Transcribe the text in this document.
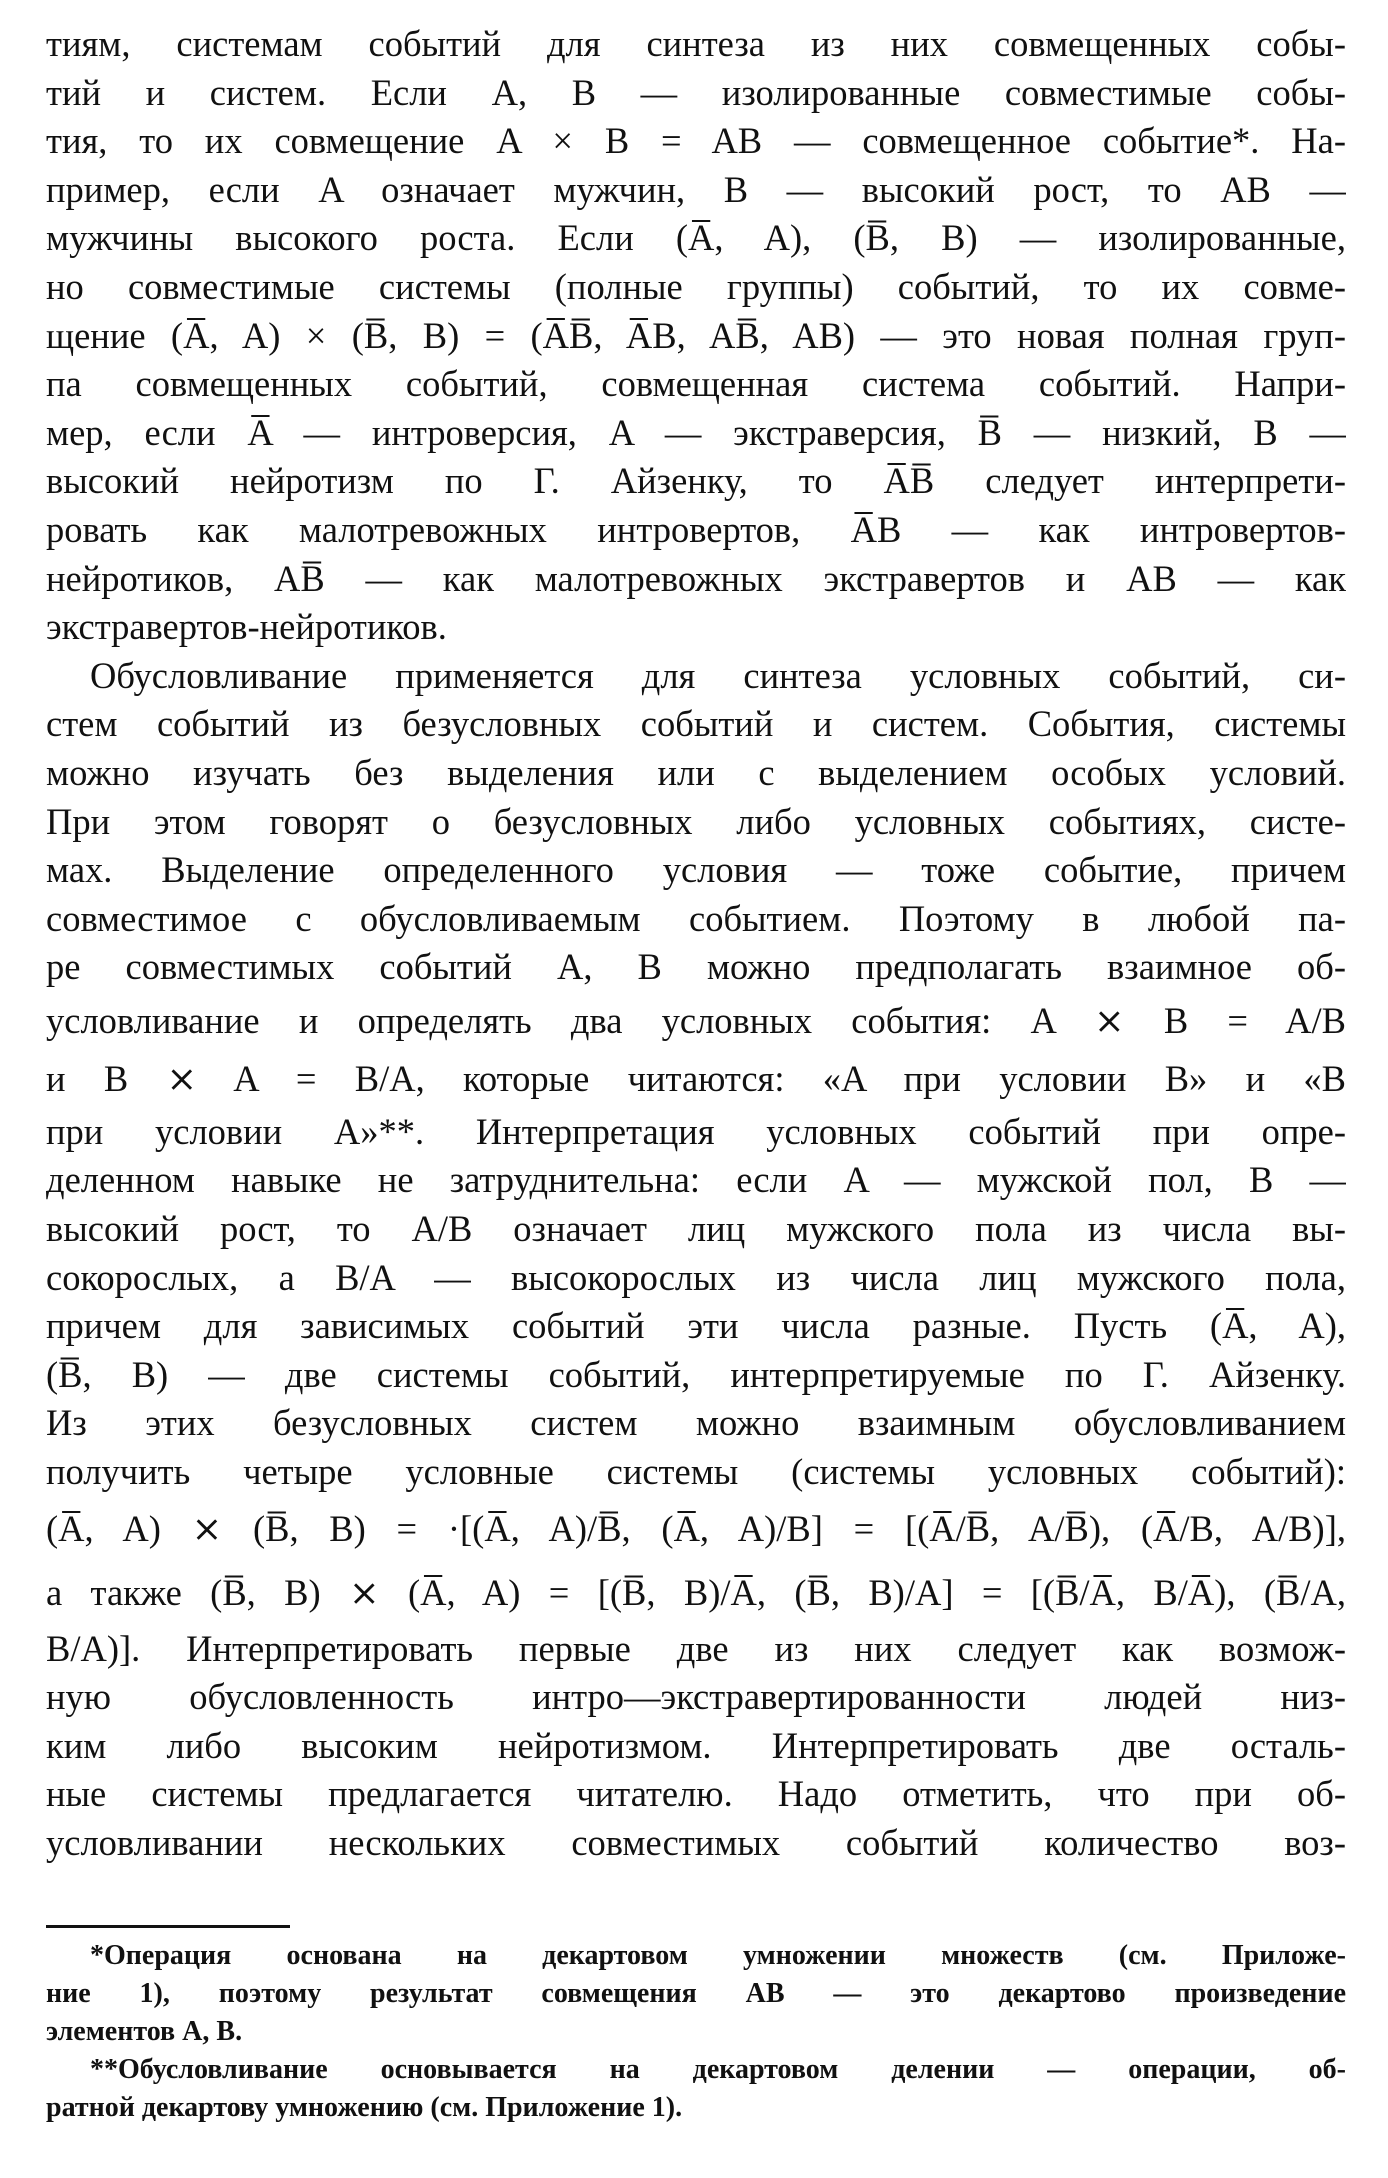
тиям, системам событий для синтеза из них совмещенных собы-
тий и систем. Если A, B — изолированные совместимые собы-
тия, то их совмещение A × B = AB — совмещенное событие*. На-
пример, если A означает мужчин, B — высокий рост, то AB —
мужчины высокого роста. Если (A̅, A), (B̅, B) — изолированные,
но совместимые системы (полные группы) событий, то их совме-
щение (A̅, A) × (B̅, B) = (A̅B̅, A̅B, AB̅, AB) — это новая полная груп-
па совмещенных событий, совмещенная система событий. Напри-
мер, если A̅ — интроверсия, A — экстраверсия, B̅ — низкий, B —
высокий нейротизм по Г. Айзенку, то A̅B̅ следует интерпрети-
ровать как малотревожных интровертов, A̅B — как интровертов-
нейротиков, AB̅ — как малотревожных экстравертов и AB — как
экстравертов-нейротиков.
Обусловливание применяется для синтеза условных событий, си-
стем событий из безусловных событий и систем. События, системы
можно изучать без выделения или с выделением особых условий.
При этом говорят о безусловных либо условных событиях, систе-
мах. Выделение определенного условия — тоже событие, причем
совместимое с обусловливаемым событием. Поэтому в любой па-
ре совместимых событий A, B можно предполагать взаимное об-
условливание и определять два условных события: A ⨯ B = A/B
и B ⨯ A = B/A, которые читаются: «A при условии B» и «B
при условии A»**. Интерпретация условных событий при опре-
деленном навыке не затруднительна: если A — мужской пол, B —
высокий рост, то A/B означает лиц мужского пола из числа вы-
сокорослых, а B/A — высокорослых из числа лиц мужского пола,
причем для зависимых событий эти числа разные. Пусть (A̅, A),
(B̅, B) — две системы событий, интерпретируемые по Г. Айзенку.
Из этих безусловных систем можно взаимным обусловливанием
получить четыре условные системы (системы условных событий):
(A̅, A) ⨯ (B̅, B) = ·[(A̅, A)/B̅, (A̅, A)/B] = [(A̅/B̅, A/B̅), (A̅/B, A/B)],
а также (B̅, B) ⨯ (A̅, A) = [(B̅, B)/A̅, (B̅, B)/A] = [(B̅/A̅, B/A̅), (B̅/A,
B/A)]. Интерпретировать первые две из них следует как возмож-
ную обусловленность интро—экстравертированности людей низ-
ким либо высоким нейротизмом. Интерпретировать две осталь-
ные системы предлагается читателю. Надо отметить, что при об-
условливании нескольких совместимых событий количество воз-
*Операция основана на декартовом умножении множеств (см. Приложе-
ние 1), поэтому результат совмещения AB — это декартово произведение
элементов A, B.
**Обусловливание основывается на декартовом делении — операции, об-
ратной декартову умножению (см. Приложение 1).
